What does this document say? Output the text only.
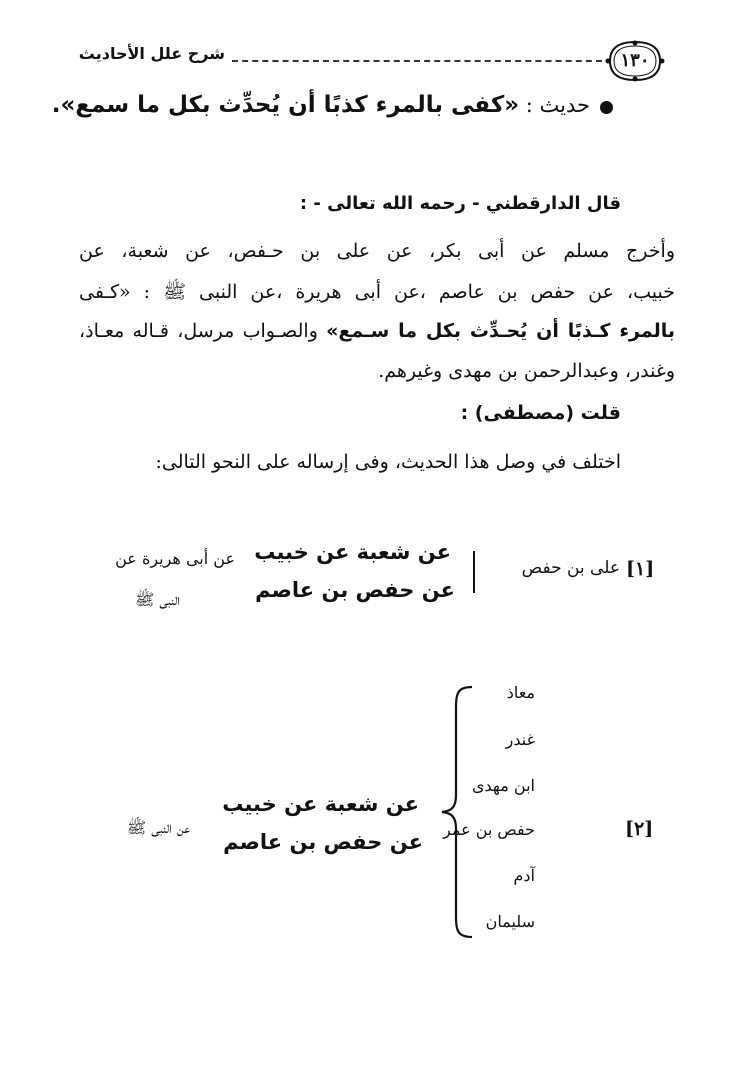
شرح علل الأحاديث	١٣٠
حديث : «كفى بالمرء كذبًا أن يُحدِّث بكل ما سمع».
قال الدارقطني - رحمه الله تعالى - :
وأخرج مسلم عن أبى بكر، عن على بن حـفص، عن شعبة، عن
خبيب، عن حفص بن عاصم ،عن أبى هريرة ،عن النبى ﷺ : «كـفى
بالمرء كـذبًا أن يُحـدِّث بكل ما سـمع» والصـواب مرسل، قـاله معـاذ،
وغندر، وعبدالرحمن بن مهدى وغيرهم.
قلت (مصطفى) :
اختلف في وصل هذا الحديث، وفى إرساله على النحو التالى:
[١]
على بن حفص
عن شعبة عن خبيب
عن حفص بن عاصم
عن أبى هريرة عن
النبى ﷺ
[٢]
معاذ
غندر
ابن مهدى
حفص بن عمر
آدم
سليمان
عن شعبة عن خبيب
عن حفص بن عاصم
عن النبى ﷺ
